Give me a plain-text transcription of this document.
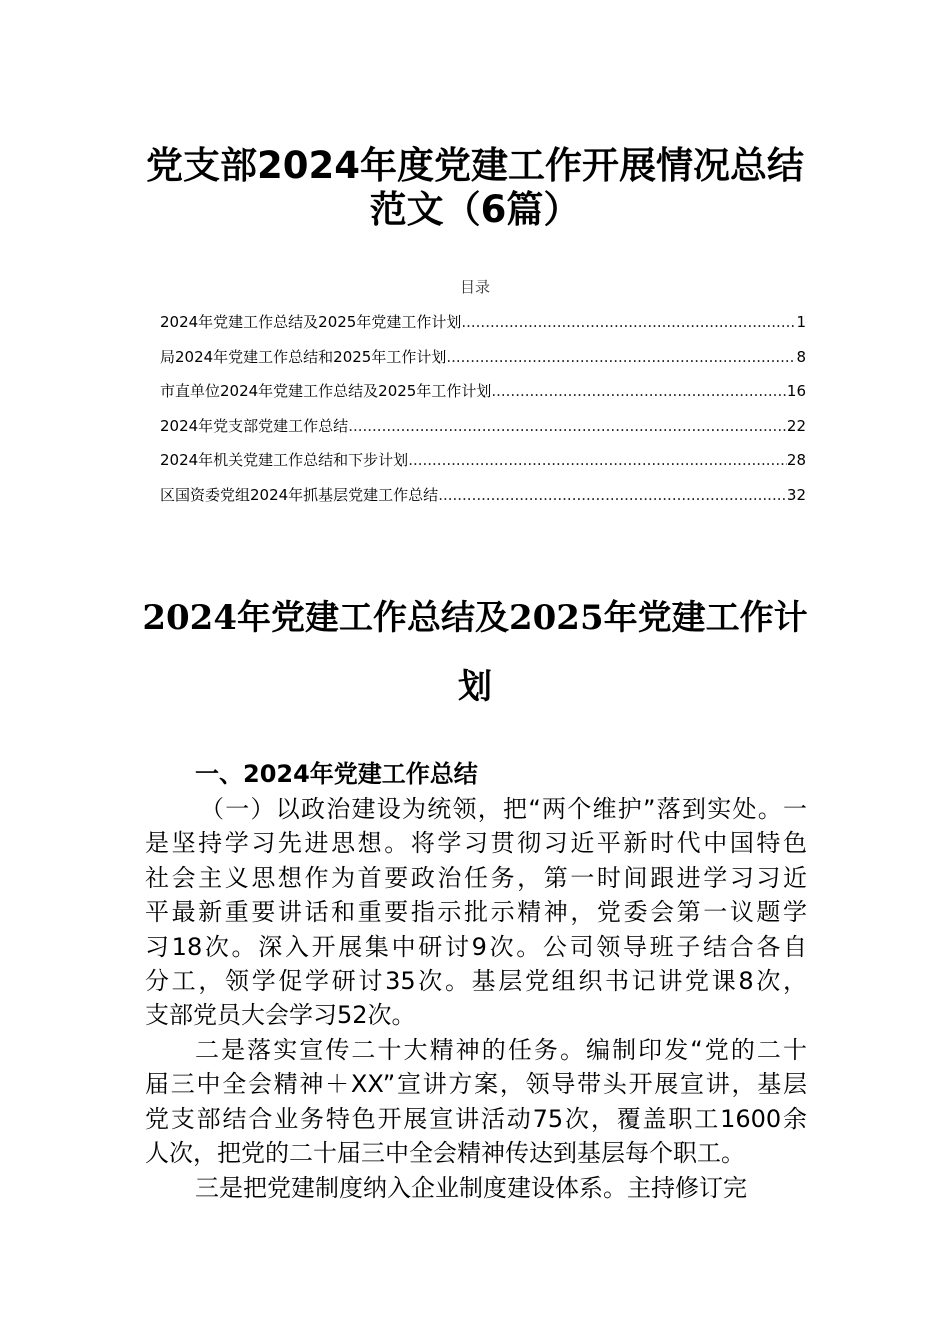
党支部2024年度党建工作开展情况总结
范文（6篇）
目录
2024年党建工作总结及2025年党建工作计划 .....	1
局2024年党建工作总结和2025年工作计划 .....	8
市直单位2024年党建工作总结及2025年工作计划 .....	16
2024年党支部党建工作总结 .....	22
2024年机关党建工作总结和下步计划 .....	28
区国资委党组2024年抓基层党建工作总结 .....	32
2024年党建工作总结及2025年党建工作计
划
一、2024年党建工作总结
（一）以政治建设为统领，把“两个维护”落到实处。一
是坚持学习先进思想。将学习贯彻习近平新时代中国特色
社会主义思想作为首要政治任务，第一时间跟进学习习近
平最新重要讲话和重要指示批示精神，党委会第一议题学
习18次。深入开展集中研讨9次。公司领导班子结合各自
分工，领学促学研讨35次。基层党组织书记讲党课8次，
支部党员大会学习52次。
二是落实宣传二十大精神的任务。编制印发“党的二十
届三中全会精神＋XX”宣讲方案，领导带头开展宣讲，基层
党支部结合业务特色开展宣讲活动75次，覆盖职工1600余
人次，把党的二十届三中全会精神传达到基层每个职工。
三是把党建制度纳入企业制度建设体系。主持修订完
